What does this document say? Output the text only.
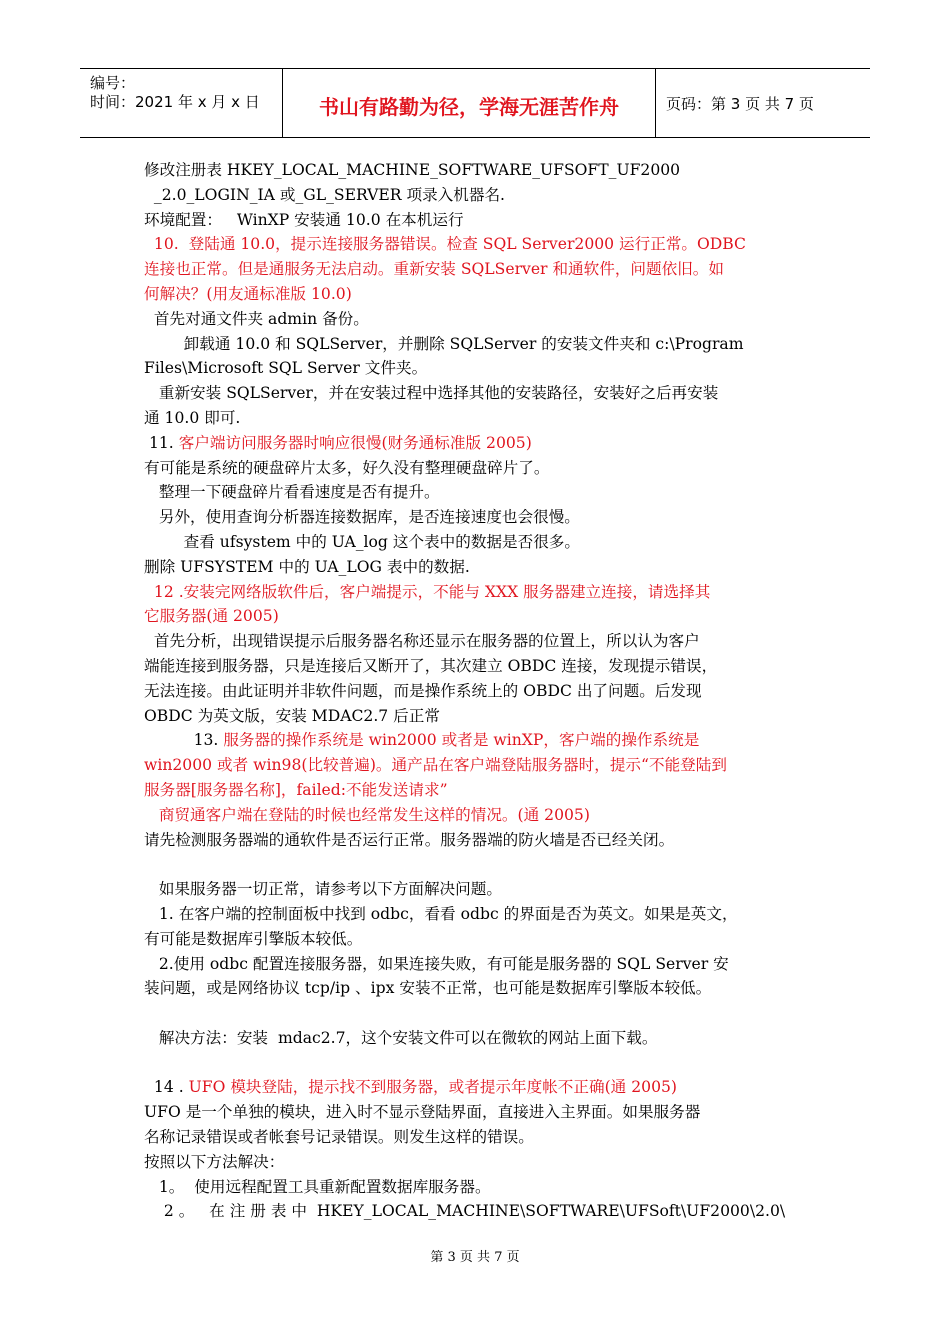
编号：
时间：2021 年 x 月 x 日	书山有路勤为径，学海无涯苦作舟	页码：第 3 页 共 7 页
修改注册表 HKEY_LOCAL_MACHINE_SOFTWARE_UFSOFT_UF2000
_2.0_LOGIN_IA 或_GL_SERVER 项录入机器名.
环境配置：   WinXP 安装通 10.0 在本机运行
10.  登陆通 10.0，提示连接服务器错误。检查 SQL Server2000 运行正常。ODBC
连接也正常。但是通服务无法启动。重新安装 SQLServer 和通软件，问题依旧。如
何解决？(用友通标准版 10.0)
首先对通文件夹 admin 备份。
卸载通 10.0 和 SQLServer，并删除 SQLServer 的安装文件夹和 c:\Program
Files\Microsoft SQL Server 文件夹。
重新安装 SQLServer，并在安装过程中选择其他的安装路径，安装好之后再安装
通 10.0 即可.
11. 客户端访问服务器时响应很慢(财务通标准版 2005)
有可能是系统的硬盘碎片太多，好久没有整理硬盘碎片了。
整理一下硬盘碎片看看速度是否有提升。
另外，使用查询分析器连接数据库，是否连接速度也会很慢。
查看 ufsystem 中的 UA_log 这个表中的数据是否很多。
删除 UFSYSTEM 中的 UA_LOG 表中的数据.
12 .安装完网络版软件后，客户端提示，不能与 XXX 服务器建立连接，请选择其
它服务器(通 2005)
首先分析，出现错误提示后服务器名称还显示在服务器的位置上，所以认为客户
端能连接到服务器，只是连接后又断开了，其次建立 OBDC 连接，发现提示错误，
无法连接。由此证明并非软件问题，而是操作系统上的 OBDC 出了问题。后发现
OBDC 为英文版，安装 MDAC2.7 后正常
13. 服务器的操作系统是 win2000 或者是 winXP，客户端的操作系统是
win2000 或者 win98(比较普遍)。通产品在客户端登陆服务器时，提示“不能登陆到
服务器[服务器名称]，failed:不能发送请求”
商贸通客户端在登陆的时候也经常发生这样的情况。(通 2005)
请先检测服务器端的通软件是否运行正常。服务器端的防火墙是否已经关闭。
如果服务器一切正常，请参考以下方面解决问题。
1. 在客户端的控制面板中找到 odbc，看看 odbc 的界面是否为英文。如果是英文，
有可能是数据库引擎版本较低。
2.使用 odbc 配置连接服务器，如果连接失败，有可能是服务器的 SQL Server 安
装问题，或是网络协议 tcp/ip 、ipx 安装不正常，也可能是数据库引擎版本较低。
解决方法：安装  mdac2.7，这个安装文件可以在微软的网站上面下载。
14 . UFO 模块登陆，提示找不到服务器，或者提示年度帐不正确(通 2005)
UFO 是一个单独的模块，进入时不显示登陆界面，直接进入主界面。如果服务器
名称记录错误或者帐套号记录错误。则发生这样的错误。
按照以下方法解决：
1。  使用远程配置工具重新配置数据库服务器。
2 。   在 注 册 表 中  HKEY_LOCAL_MACHINE\SOFTWARE\UFSoft\UF2000\2.0\
第 3 页 共 7 页
